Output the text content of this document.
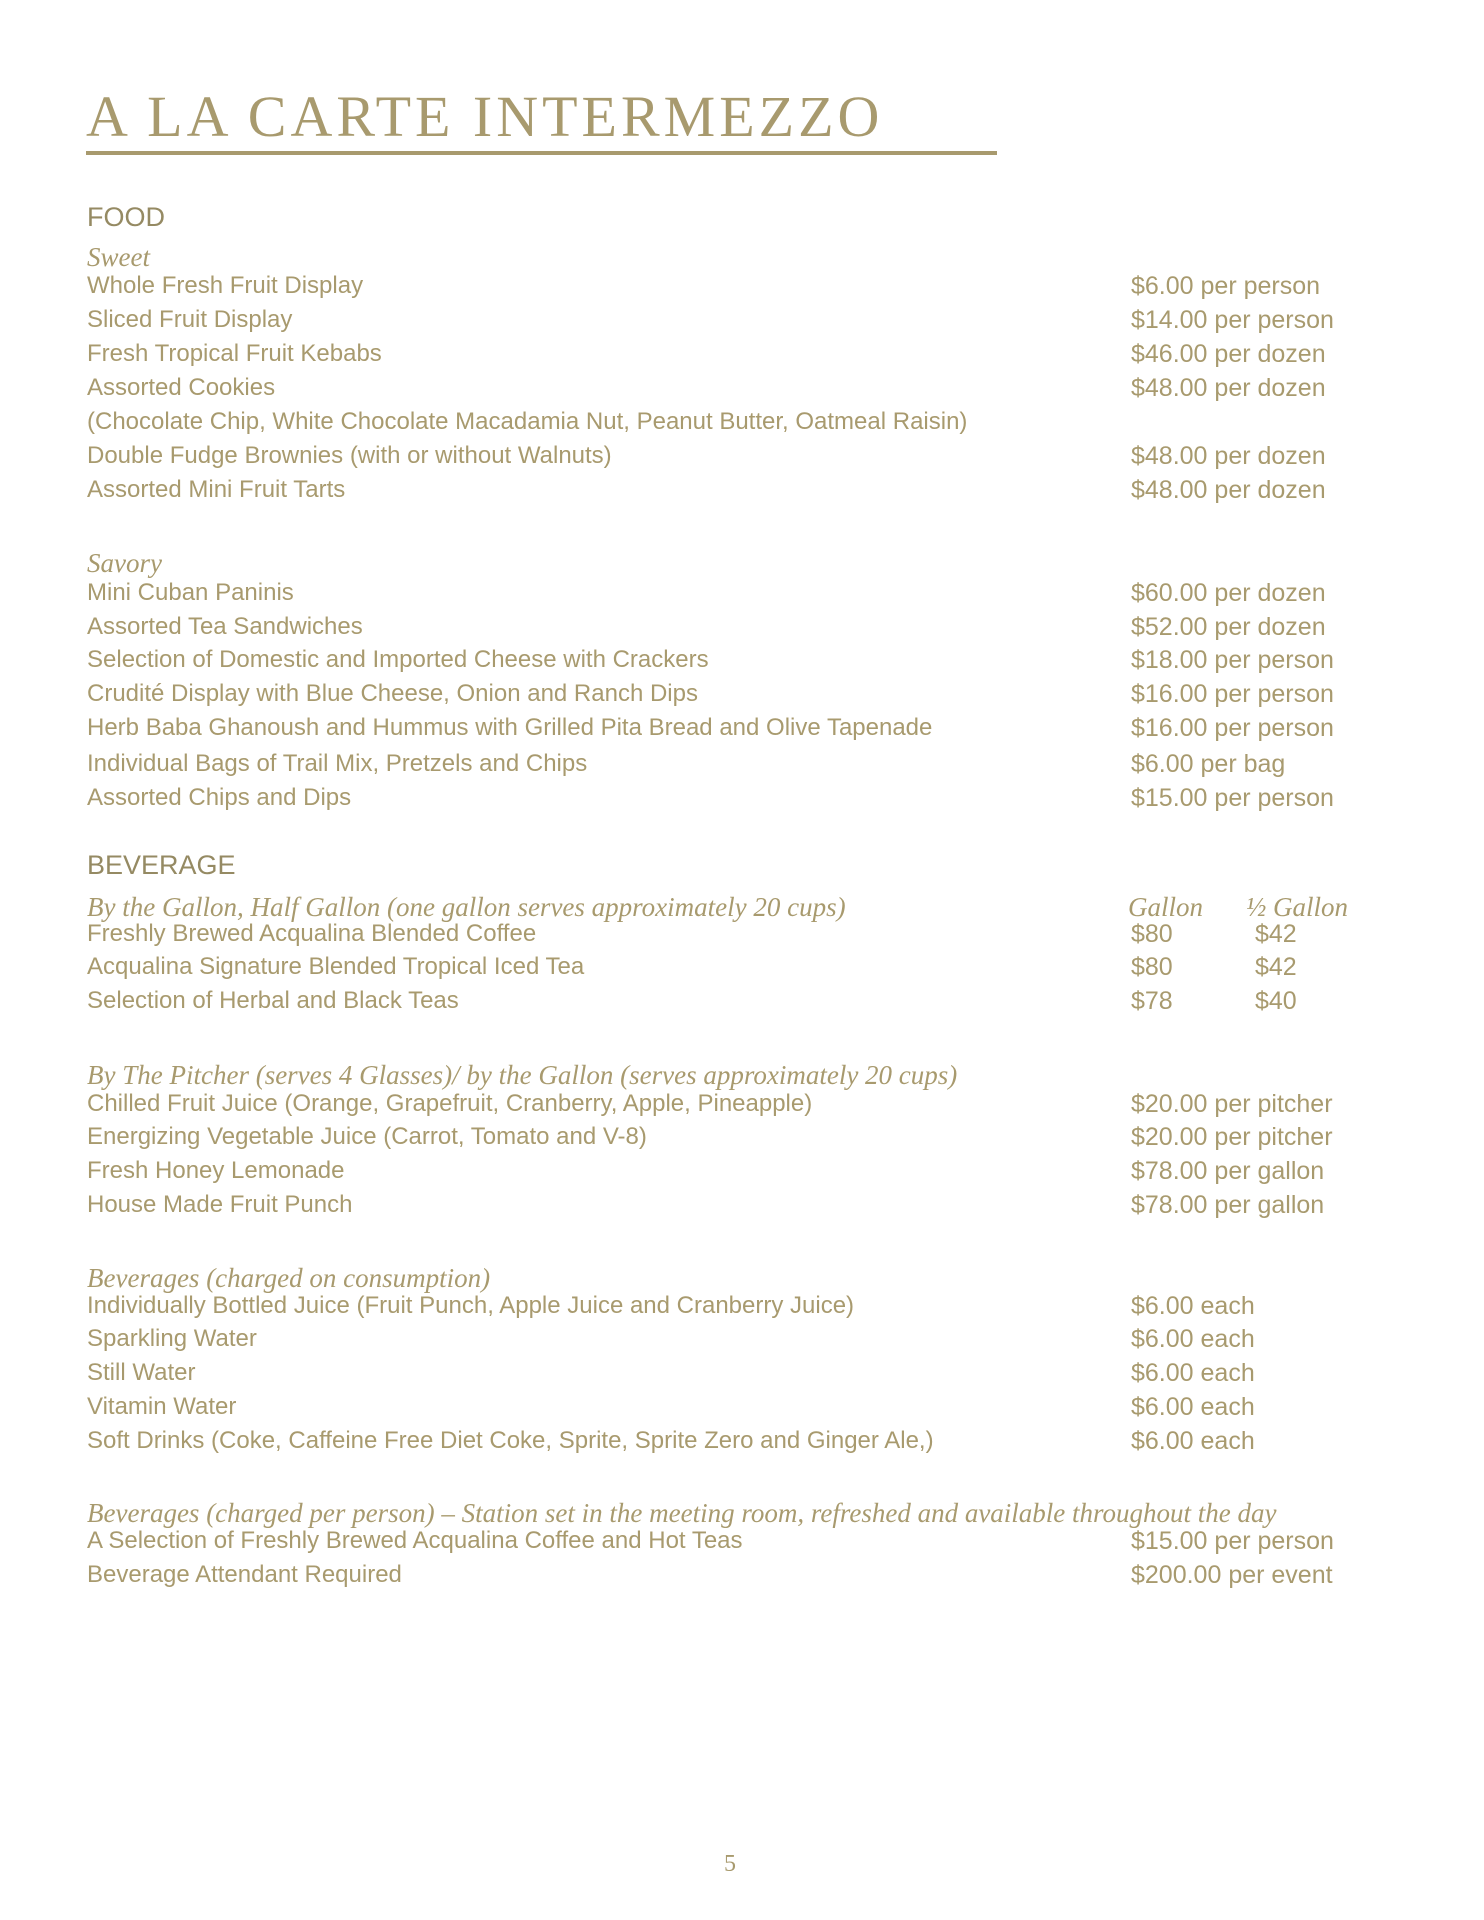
A LA CARTE INTERMEZZO
FOOD
Sweet
Whole Fresh Fruit Display	$6.00 per person
Sliced Fruit Display	$14.00 per person
Fresh Tropical Fruit Kebabs	$46.00 per dozen
Assorted Cookies	$48.00 per dozen
(Chocolate Chip, White Chocolate Macadamia Nut, Peanut Butter, Oatmeal Raisin)
Double Fudge Brownies (with or without Walnuts)	$48.00 per dozen
Assorted Mini Fruit Tarts	$48.00 per dozen
Savory
Mini Cuban Paninis	$60.00 per dozen
Assorted Tea Sandwiches	$52.00 per dozen
Selection of Domestic and Imported Cheese with Crackers	$18.00 per person
Crudité Display with Blue Cheese, Onion and Ranch Dips	$16.00 per person
Herb Baba Ghanoush and Hummus with Grilled Pita Bread and Olive Tapenade	$16.00 per person
Individual Bags of Trail Mix, Pretzels and Chips	$6.00 per bag
Assorted Chips and Dips	$15.00 per person
BEVERAGE
By the Gallon, Half Gallon (one gallon serves approximately 20 cups)	Gallon ½ Gallon
Freshly Brewed Acqualina Blended Coffee	$80	$42
Acqualina Signature Blended Tropical Iced Tea	$80	$42
Selection of Herbal and Black Teas	$78	$40
By The Pitcher (serves 4 Glasses)/ by the Gallon (serves approximately 20 cups)
Chilled Fruit Juice (Orange, Grapefruit, Cranberry, Apple, Pineapple)	$20.00 per pitcher
Energizing Vegetable Juice (Carrot, Tomato and V-8)	$20.00 per pitcher
Fresh Honey Lemonade	$78.00 per gallon
House Made Fruit Punch	$78.00 per gallon
Beverages (charged on consumption)
Individually Bottled Juice (Fruit Punch, Apple Juice and Cranberry Juice)	$6.00 each
Sparkling Water	$6.00 each
Still Water	$6.00 each
Vitamin Water	$6.00 each
Soft Drinks (Coke, Caffeine Free Diet Coke, Sprite, Sprite Zero and Ginger Ale,)	$6.00 each
Beverages (charged per person) – Station set in the meeting room, refreshed and available throughout the day
A Selection of Freshly Brewed Acqualina Coffee and Hot Teas	$15.00 per person
Beverage Attendant Required	$200.00 per event
5
